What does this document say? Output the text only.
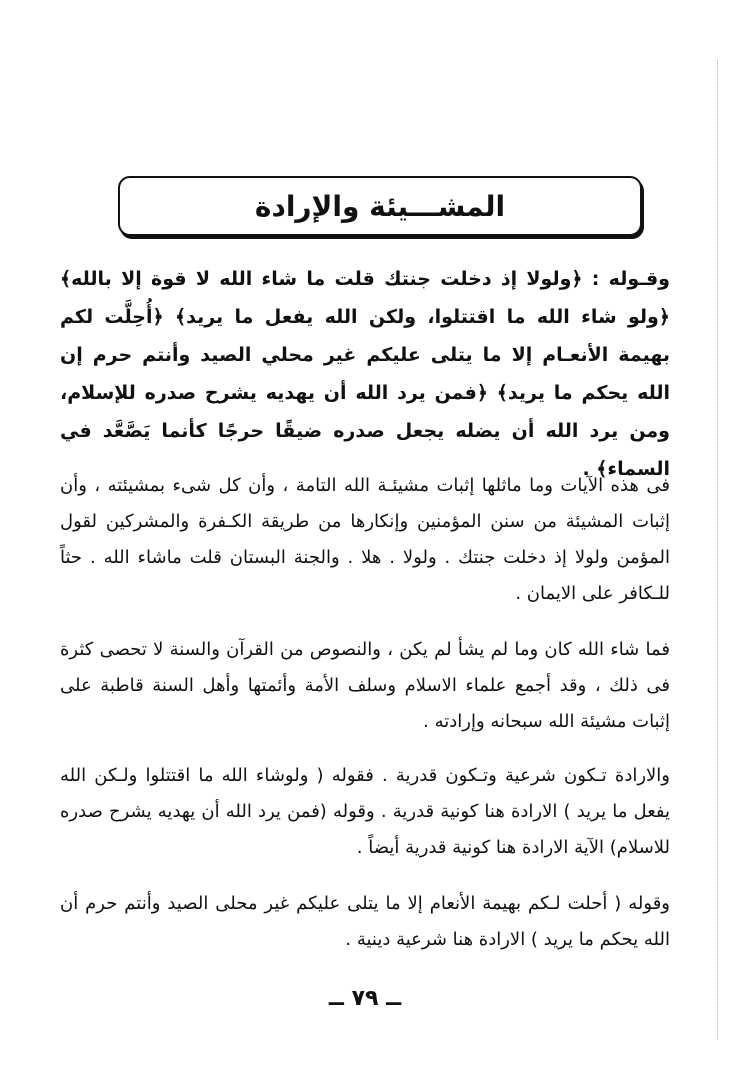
المشـــيئة والإرادة

وقـوله : ﴿ولولا إذ دخلت جنتك قلت ما شاء الله لا قوة إلا بالله﴾ ﴿ولو شاء الله ما اقتتلوا، ولكن الله يفعل ما يريد﴾ ﴿أُحِلَّت لكم بهيمة الأنعـام إلا ما يتلى عليكم غير محلي الصيد وأنتم حرم إن الله يحكم ما يريد﴾ ﴿فمن يرد الله أن يهديه يشرح صدره للإسلام، ومن يرد الله أن يضله يجعل صدره ضيقًا حرجًا كأنما يَصَّعَّد في السماء﴾ .

فى هذه الآيات وما ماثلها إثبات مشيئـة الله التامة ، وأن كل شىء بمشيئته ، وأن إثبات المشيئة من سنن المؤمنين وإنكارها من طريقة الكـفرة والمشركين لقول المؤمن ولولا إذ دخلت جنتك . ولولا . هلا . والجنة البستان قلت ماشاء الله . حثاً للـكافر على الايمان .

فما شاء الله كان وما لم يشأ لم يكن ، والنصوص من القرآن والسنة لا تحصى كثرة فى ذلك ، وقد أجمع علماء الاسلام وسلف الأمة وأئمتها وأهل السنة قاطبة على إثبات مشيئة الله سبحانه وإرادته .

والارادة تـكون شرعية وتـكون قدرية . فقوله ( ولوشاء الله ما اقتتلوا ولـكن الله يفعل ما يريد ) الارادة هنا كونية قدرية . وقوله (فمن يرد الله أن يهديه يشرح صدره للاسلام) الآية الارادة هنا كونية قدرية أيضاً .

وقوله ( أحلت لـكم بهيمة الأنعام إلا ما يتلى عليكم غير محلى الصيد وأنتم حرم أن الله يحكم ما يريد ) الارادة هنا شرعية دينية .

ــ ٧٩ ــ
